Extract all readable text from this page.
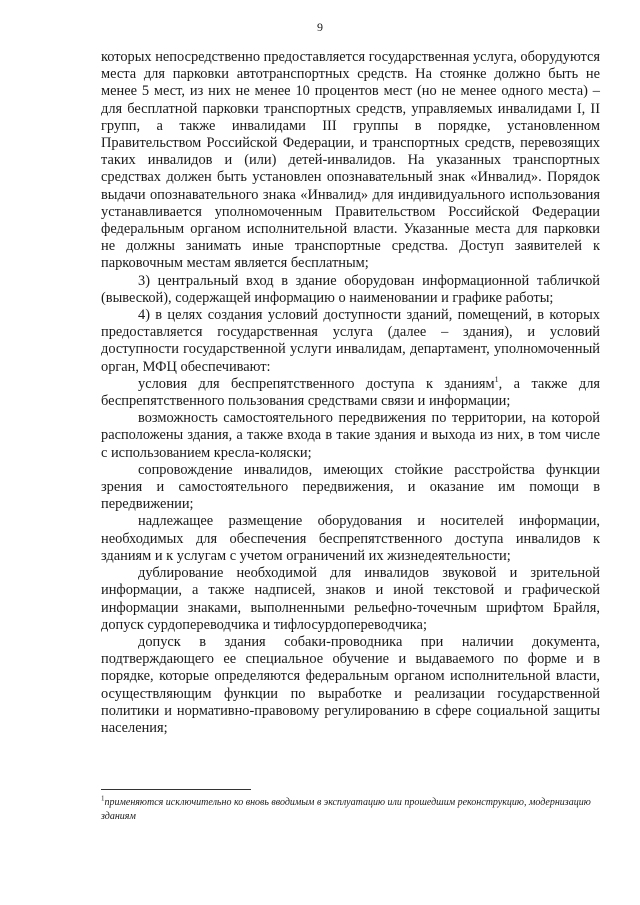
9

которых непосредственно предоставляется государственная услуга, оборудуются места для парковки автотранспортных средств. На стоянке должно быть не менее 5 мест, из них не менее 10 процентов мест (но не менее одного места) – для бесплатной парковки транспортных средств, управляемых инвалидами I, II групп, а также инвалидами III группы в порядке, установленном Правительством Российской Федерации, и транспортных средств, перевозящих таких инвалидов и (или) детей-инвалидов. На указанных транспортных средствах должен быть установлен опознавательный знак «Инвалид». Порядок выдачи опознавательного знака «Инвалид» для индивидуального использования устанавливается уполномоченным Правительством Российской Федерации федеральным органом исполнительной власти. Указанные места для парковки не должны занимать иные транспортные средства. Доступ заявителей к парковочным местам является бесплатным;

3) центральный вход в здание оборудован информационной табличкой (вывеской), содержащей информацию о наименовании и графике работы;

4) в целях создания условий доступности зданий, помещений, в которых предоставляется государственная услуга (далее – здания), и условий доступности государственной услуги инвалидам, департамент, уполномоченный орган, МФЦ обеспечивают:

условия для беспрепятственного доступа к зданиям$^1$, а также для беспрепятственного пользования средствами связи и информации;

возможность самостоятельного передвижения по территории, на которой расположены здания, а также входа в такие здания и выхода из них, в том числе с использованием кресла-коляски;

сопровождение инвалидов, имеющих стойкие расстройства функции зрения и самостоятельного передвижения, и оказание им помощи в передвижении;

надлежащее размещение оборудования и носителей информации, необходимых для обеспечения беспрепятственного доступа инвалидов к зданиям и к услугам с учетом ограничений их жизнедеятельности;

дублирование необходимой для инвалидов звуковой и зрительной информации, а также надписей, знаков и иной текстовой и графической информации знаками, выполненными рельефно-точечным шрифтом Брайля, допуск сурдопереводчика и тифлосурдопереводчика;

допуск в здания собаки-проводника при наличии документа, подтверждающего ее специальное обучение и выдаваемого по форме и в порядке, которые определяются федеральным органом исполнительной власти, осуществляющим функции по выработке и реализации государственной политики и нормативно-правовому регулированию в сфере социальной защиты населения;

$^1$применяются исключительно ко вновь вводимым в эксплуатацию или прошедшим реконструкцию, модернизацию зданиям
